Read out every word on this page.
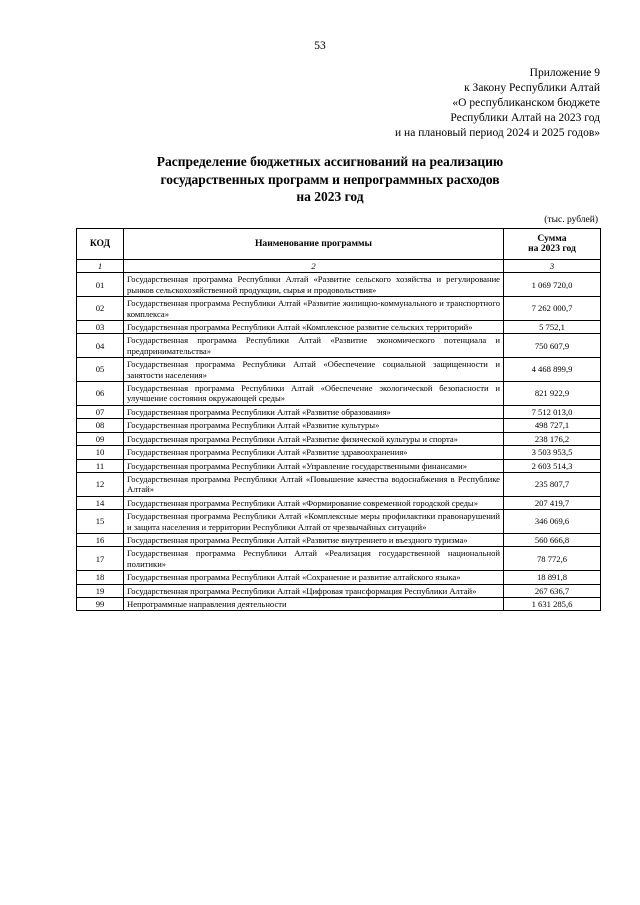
53
Приложение 9
к Закону Республики Алтай
«О республиканском бюджете
Республики Алтай на 2023 год
и на плановый период 2024 и 2025 годов»
Распределение бюджетных ассигнований на реализацию
государственных программ и непрограммных расходов
на 2023 год
(тыс. рублей)
КОД	Наименование программы	Сумма
на 2023 год

1	2	3
01	Государственная программа Республики Алтай «Развитие сельского хозяйства и регулирование рынков сельскохозяйственной продукции, сырья и продовольствия»	1 069 720,0
02	Государственная программа Республики Алтай «Развитие жилищно-коммунального и транспортного комплекса»	7 262 000,7
03	Государственная программа Республики Алтай «Комплексное развитие сельских территорий»	5 752,1
04	Государственная программа Республики Алтай «Развитие экономического потенциала и предпринимательства»	750 607,9
05	Государственная программа Республики Алтай «Обеспечение социальной защищенности и занятости населения»	4 468 899,9
06	Государственная программа Республики Алтай «Обеспечение экологической безопасности и улучшение состояния окружающей среды»	821 922,9
07	Государственная программа Республики Алтай «Развитие образования»	7 512 013,0
08	Государственная программа Республики Алтай «Развитие культуры»	498 727,1
09	Государственная программа Республики Алтай «Развитие физической культуры и спорта»	238 176,2
10	Государственная программа Республики Алтай «Развитие здравоохранения»	3 503 953,5
11	Государственная программа Республики Алтай «Управление государственными финансами»	2 603 514,3
12	Государственная программа Республики Алтай «Повышение качества водоснабжения в Республике Алтай»	235 807,7
14	Государственная программа Республики Алтай «Формирование современной городской среды»	207 419,7
15	Государственная программа Республики Алтай «Комплексные меры профилактики правонарушений и защита населения и территории Республики Алтай от чрезвычайных ситуаций»	346 069,6
16	Государственная программа Республики Алтай «Развитие внутреннего и въездного туризма»	560 666,8
17	Государственная программа Республики Алтай «Реализация государственной национальной политики»	78 772,6
18	Государственная программа Республики Алтай «Сохранение и развитие алтайского языка»	18 891,8
19	Государственная программа Республики Алтай «Цифровая трансформация Республики Алтай»	267 636,7
99	Непрограммные направления деятельности	1 631 285,6
